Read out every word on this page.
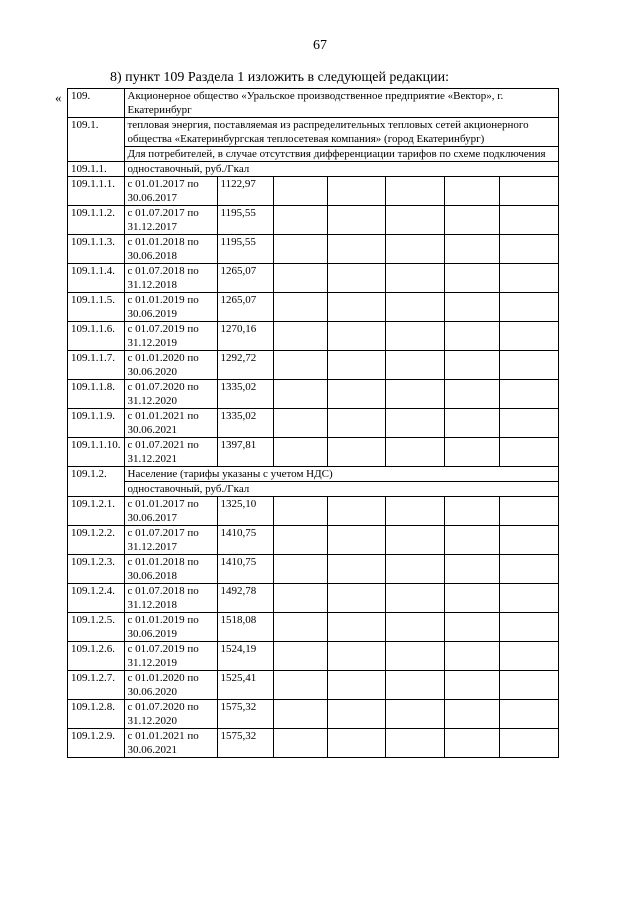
67
8) пункт 109 Раздела 1 изложить в следующей редакции:
« 109.	Акционерное общество «Уральское производственное предприятие «Вектор», г. Екатеринбург						
109.1.	тепловая энергия, поставляемая из распределительных тепловых сетей акционерного общества «Екатеринбургская теплосетевая компания» (город Екатеринбург)						
	Для потребителей, в случае отсутствия дифференциации тарифов по схеме подключения						
109.1.1.	одноставочный, руб./Гкал						
109.1.1.1.	с 01.01.2017 по 30.06.2017	1122,97					
109.1.1.2.	с 01.07.2017 по 31.12.2017	1195,55					
109.1.1.3.	с 01.01.2018 по 30.06.2018	1195,55					
109.1.1.4.	с 01.07.2018 по 31.12.2018	1265,07					
109.1.1.5.	с 01.01.2019 по 30.06.2019	1265,07					
109.1.1.6.	с 01.07.2019 по 31.12.2019	1270,16					
109.1.1.7.	с 01.01.2020 по 30.06.2020	1292,72					
109.1.1.8.	с 01.07.2020 по 31.12.2020	1335,02					
109.1.1.9.	с 01.01.2021 по 30.06.2021	1335,02					
109.1.1.10.	с 01.07.2021 по 31.12.2021	1397,81					
109.1.2.	Население (тарифы указаны с учетом НДС)						
	одноставочный, руб./Гкал						
109.1.2.1.	с 01.01.2017 по 30.06.2017	1325,10					
109.1.2.2.	с 01.07.2017 по 31.12.2017	1410,75					
109.1.2.3.	с 01.01.2018 по 30.06.2018	1410,75					
109.1.2.4.	с 01.07.2018 по 31.12.2018	1492,78					
109.1.2.5.	с 01.01.2019 по 30.06.2019	1518,08					
109.1.2.6.	с 01.07.2019 по 31.12.2019	1524,19					
109.1.2.7.	с 01.01.2020 по 30.06.2020	1525,41					
109.1.2.8.	с 01.07.2020 по 31.12.2020	1575,32					
109.1.2.9.	с 01.01.2021 по 30.06.2021	1575,32					
